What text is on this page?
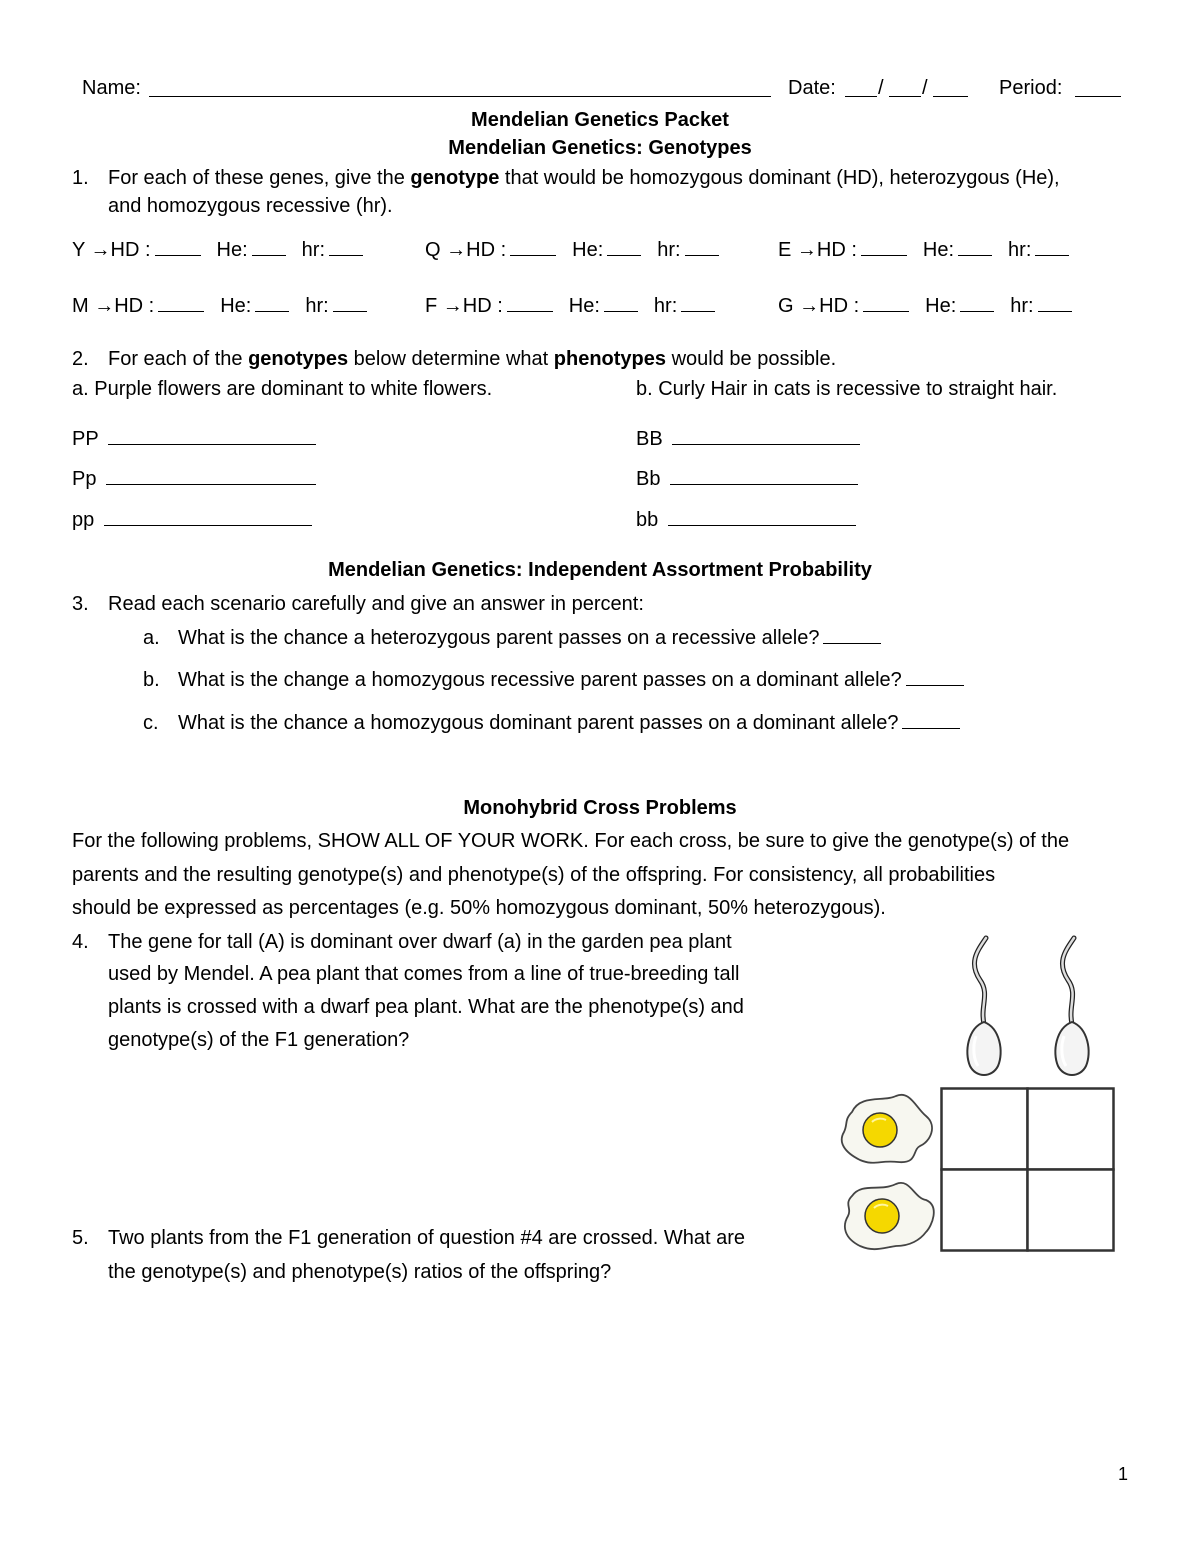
Name:	Date: / /	Period:
Mendelian Genetics Packet
Mendelian Genetics: Genotypes
1. For each of these genes, give the genotype that would be homozygous dominant (HD), heterozygous (He),
and homozygous recessive (hr).
Y →HD :	He:	hr:	Q →HD :	He:	hr:	E →HD :	He:	hr:
M →HD :	He:	hr:	F →HD :	He:	hr:	G →HD :	He:	hr:
2. For each of the genotypes below determine what phenotypes would be possible.
a. Purple flowers are dominant to white flowers.	b. Curly Hair in cats is recessive to straight hair.
PP
Pp
pp
BB
Bb
bb
Mendelian Genetics: Independent Assortment Probability
3. Read each scenario carefully and give an answer in percent:
a. What is the chance a heterozygous parent passes on a recessive allele?
b. What is the change a homozygous recessive parent passes on a dominant allele?
c. What is the chance a homozygous dominant parent passes on a dominant allele?
Monohybrid Cross Problems
For the following problems, SHOW ALL OF YOUR WORK. For each cross, be sure to give the genotype(s) of the
parents and the resulting genotype(s) and phenotype(s) of the offspring. For consistency, all probabilities
should be expressed as percentages (e.g. 50% homozygous dominant, 50% heterozygous).
4. The gene for tall (A) is dominant over dwarf (a) in the garden pea plant
used by Mendel. A pea plant that comes from a line of true-breeding tall
plants is crossed with a dwarf pea plant. What are the phenotype(s) and
genotype(s) of the F1 generation?
5. Two plants from the F1 generation of question #4 are crossed. What are
the genotype(s) and phenotype(s) ratios of the offspring?
1
